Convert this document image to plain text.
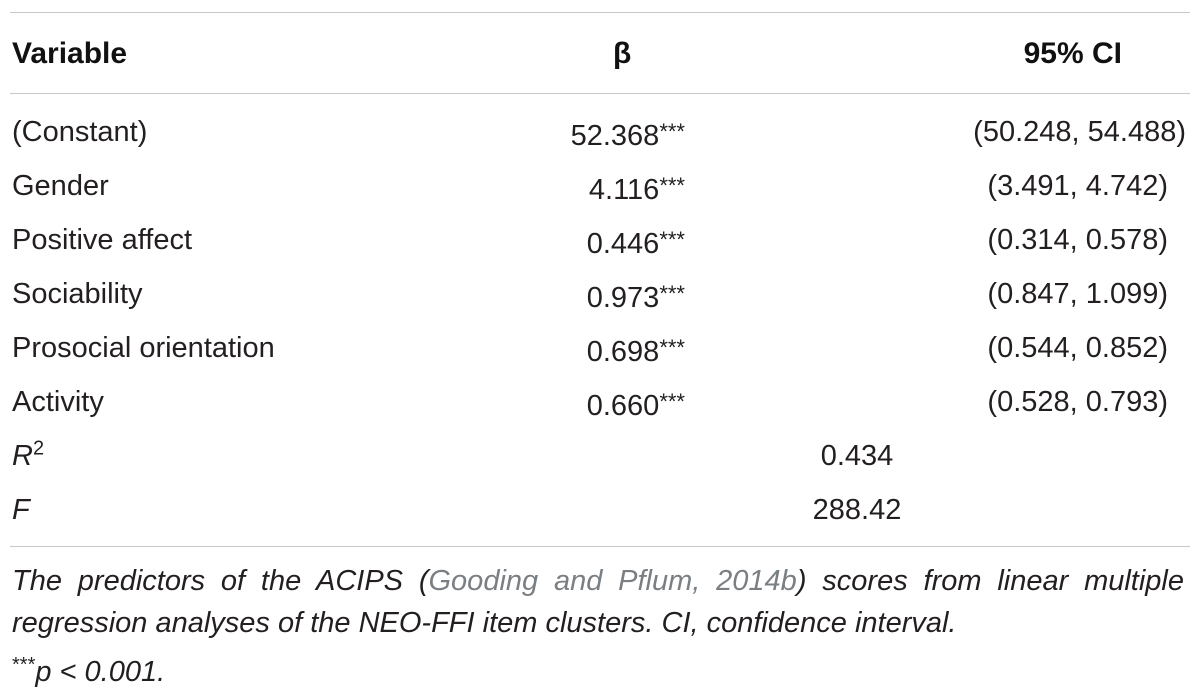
Variable	β	95% CI
(Constant)	52.368***	(50.248, 54.488)
Gender	4.116***	(3.491, 4.742)
Positive affect	0.446***	(0.314, 0.578)
Sociability	0.973***	(0.847, 1.099)
Prosocial orientation	0.698***	(0.544, 0.852)
Activity	0.660***	(0.528, 0.793)
$R^2$	0.434
F	288.42
The predictors of the ACIPS (Gooding and Pflum, 2014b) scores from linear multiple regression analyses of the NEO-FFI item clusters. CI, confidence interval.
***p < 0.001.
